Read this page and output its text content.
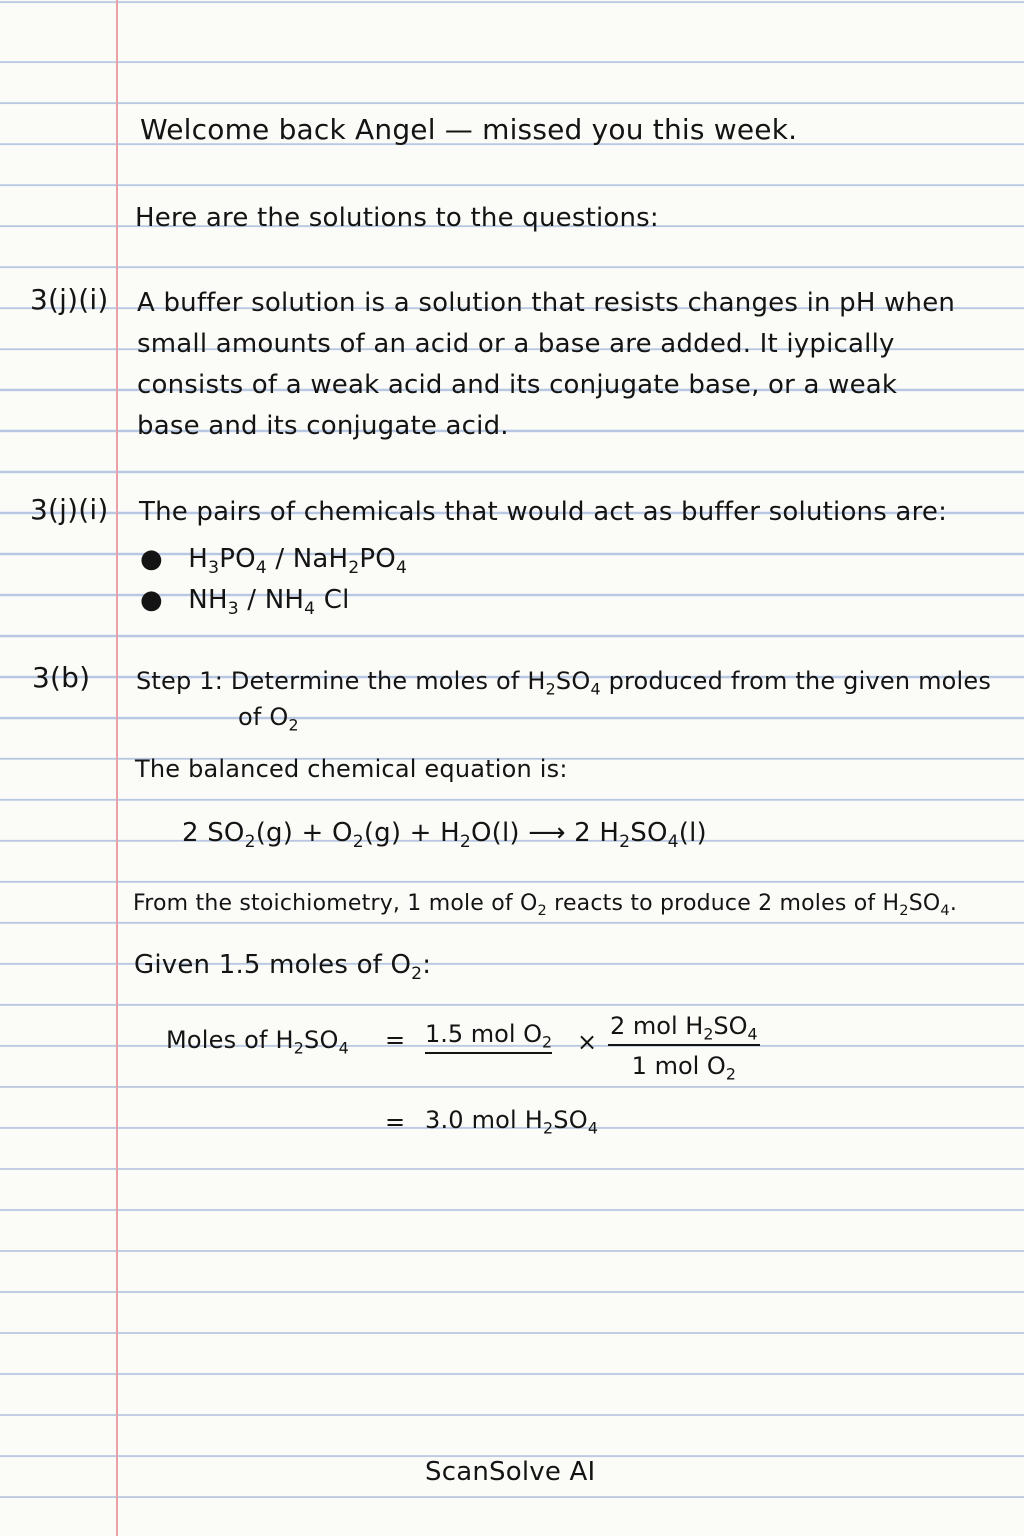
Welcome back Angel — missed you this week.
Here are the solutions to the questions:
3(j)(i) A buffer solution is a solution that resists changes in pH when
small amounts of an acid or a base are added. It iypically
consists of a weak acid and its conjugate base, or a weak
base and its conjugate acid.
3(j)(i) The pairs of chemicals that would act as buffer solutions are:
● $H_3PO_4 / NaH_2PO_4$
● $NH_3 / NH_4$ Cl
3(b) Step 1: Determine the moles of $H_2SO_4$ produced from the given moles
of $O_2$
The balanced chemical equation is:
2 $SO_2(g) + O_2(g) + H_2O(l)$ ⟶ 2 $H_2SO_4(l)$
From the stoichiometry, 1 mole of $O_2$ reacts to produce 2 moles of $H_2SO_4$.
Given 1.5 moles of $O_2$:
Moles of $H_2SO_4 = 1.5$ mol $O_2$ ×
2 mol $H_2SO_4$
1 mol $O_2$
= 3.0 mol $H_2SO_4$
ScanSolve AI
